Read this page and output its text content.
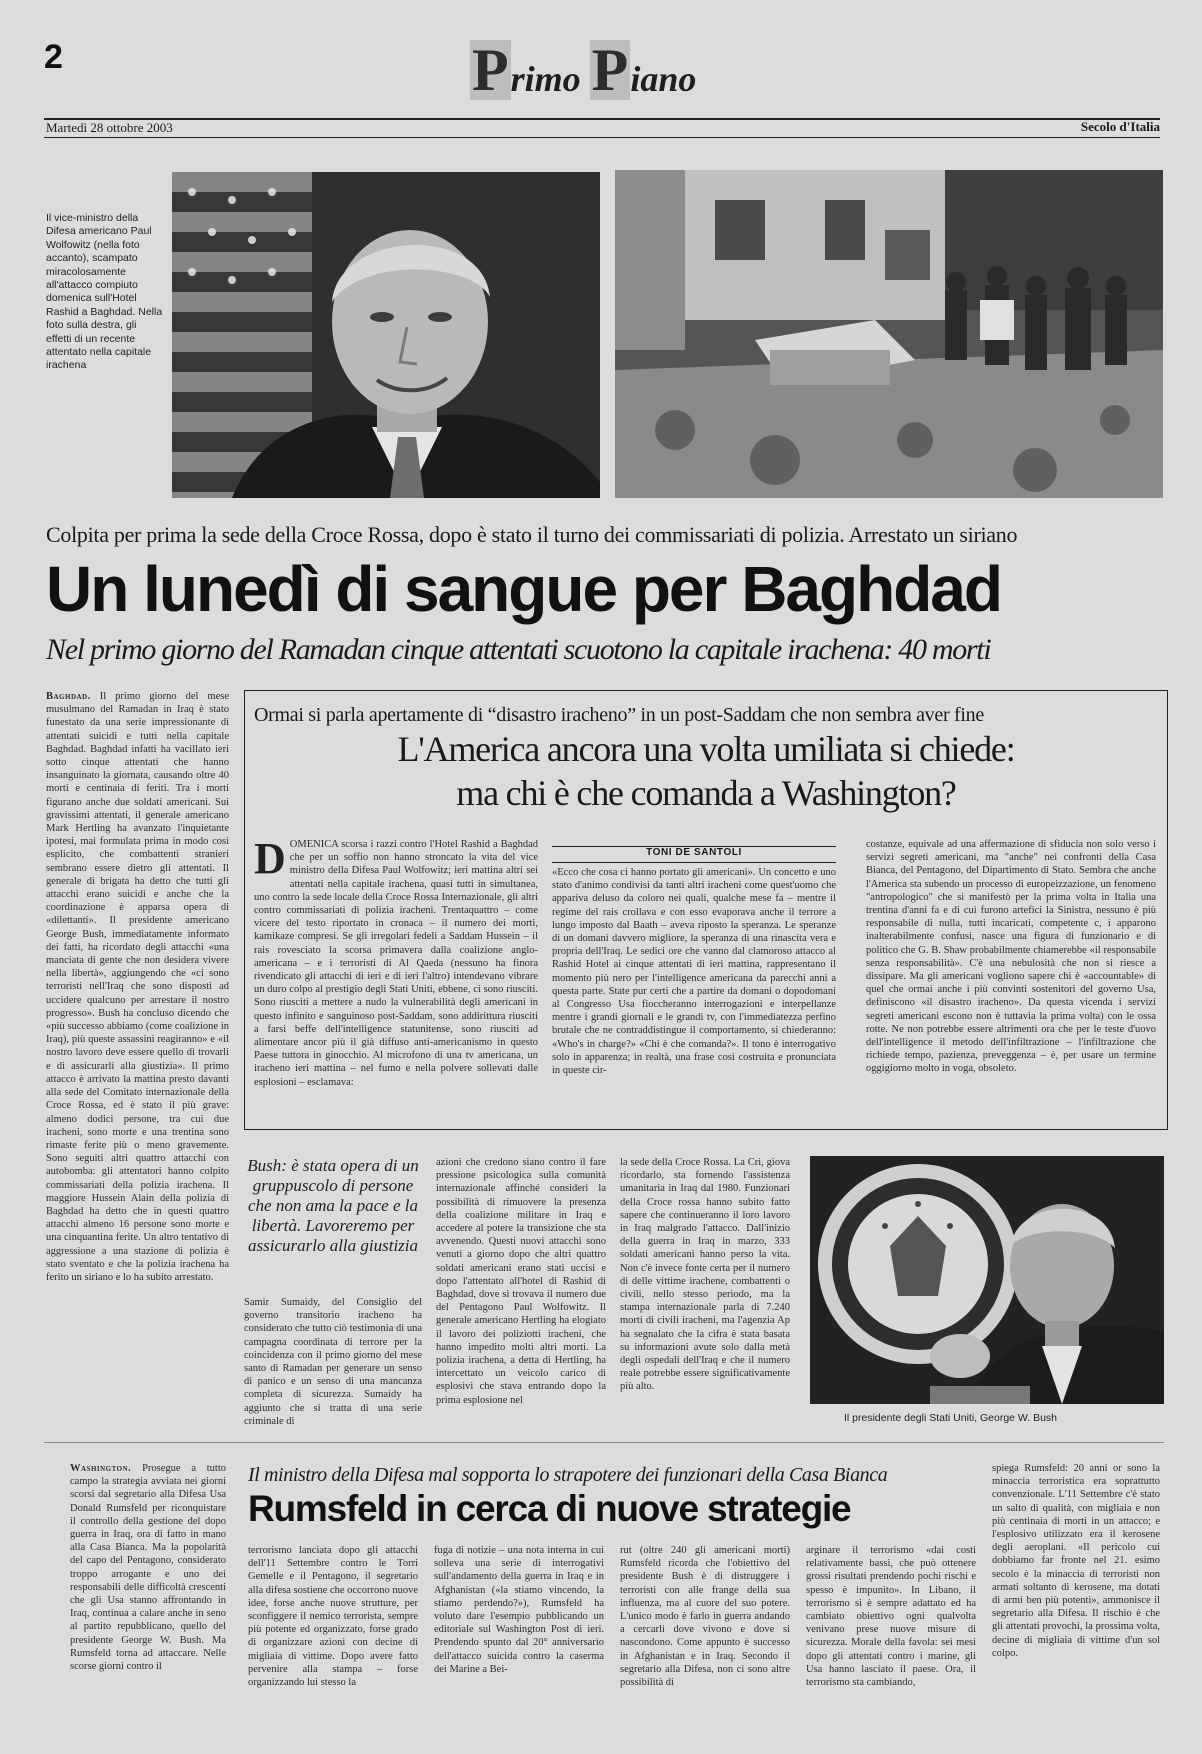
2	Primo Piano
Martedì 28 ottobre 2003	Secolo d'Italia
Il vice-ministro della Difesa americano Paul Wolfowitz (nella foto accanto), scampato miracolosamente all'attacco compiuto domenica sull'Hotel Rashid a Baghdad. Nella foto sulla destra, gli effetti di un recente attentato nella capitale irachena
Colpita per prima la sede della Croce Rossa, dopo è stato il turno dei commissariati di polizia. Arrestato un siriano
Un lunedì di sangue per Baghdad
Nel primo giorno del Ramadan cinque attentati scuotono la capitale irachena: 40 morti
Baghdad. Il primo giorno del mese musulmano del Ramadan in Iraq è stato funestato da una serie impressionante di attentati suicidi e tutti nella capitale Baghdad. Baghdad infatti ha vacillato ieri sotto cinque attentati che hanno insanguinato la giornata, causando oltre 40 morti e centinaia di feriti. Tra i morti figurano anche due soldati americani. Sui gravissimi attentati, il generale americano Mark Hertling ha avanzato l'inquietante ipotesi, mai formulata prima in modo così esplicito, che combattenti stranieri sembrano essere dietro gli attentati. Il generale di brigata ha detto che tutti gli attacchi erano suicidi e anche che la coordinazione è apparsa opera di «dilettanti». Il presidente americano George Bush, immediatamente informato dei fatti, ha ricordato degli attacchi «una manciata di gente che non desidera vivere nella libertà», aggiungendo che «ci sono terroristi nell'Iraq che sono disposti ad uccidere qualcuno per arrestare il nostro progresso». Bush ha concluso dicendo che «più successo abbiamo (come coalizione in Iraq), più queste assassini reagiranno» e «il nostro lavoro deve essere quello di trovarli e di assicurarli alla giustizia». Il primo attacco è arrivato la mattina presto davanti alla sede del Comitato internazionale della Croce Rossa, ed è stato il più grave: almeno dodici persone, tra cui due iracheni, sono morte e una trentina sono rimaste ferite più o meno gravemente. Sono seguiti altri quattro attacchi con autobomba: gli attentatori hanno colpito commissariati della polizia irachena. Il maggiore Hussein Alain della polizia di Baghdad ha detto che in questi quattro attacchi almeno 16 persone sono morte e una cinquantina ferite. Un altro tentativo di aggressione a una stazione di polizia è stato sventato e che la polizia irachena ha ferito un siriano e lo ha subito arrestato.
Ormai si parla apertamente di “disastro iracheno” in un post-Saddam che non sembra aver fine
L'America ancora una volta umiliata si chiede:
ma chi è che comanda a Washington?
D OMENICA scorsa i razzi contro l'Hotel Rashid a Baghdad che per un soffio non hanno stroncato la vita del vice ministro della Difesa Paul Wolfowitz; ieri mattina altri sei attentati nella capitale irachena, quasi tutti in simultanea, uno contro la sede locale della Croce Rossa Internazionale, gli altri contro commissariati di polizia iracheni. Trentaquattro – come vicere del testo riportato in cronaca – il numero dei morti, kamikaze compresi. Se gli irregolari fedeli a Saddam Hussein – il rais rovesciato la scorsa primavera dalla coalizione anglo-americana – e i terroristi di Al Qaeda (nessuno ha finora rivendicato gli attacchi di ieri e di ieri l'altro) intendevano vibrare un duro colpo al prestigio degli Stati Uniti, ebbene, ci sono riusciti. Sono riusciti a mettere a nudo la vulnerabilità degli americani in questo infinito e sanguinoso post-Saddam, sono addirittura riusciti a farsi beffe dell'intelligence statunitense, sono riusciti ad alimentare ancor più il già diffuso anti-americanismo in questo Paese tuttora in ginocchio. Al microfono di una tv americana, un iracheno ieri mattina – nel fumo e nella polvere sollevati dalle esplosioni – esclamava:
TONI DE SANTOLI
«Ecco che cosa ci hanno portato gli americani». Un concetto e uno stato d'animo condivisi da tanti altri iracheni come quest'uomo che appariva deluso da coloro nei quali, qualche mese fa – mentre il regime del rais crollava e con esso evaporava anche il terrore a lungo imposto dal Baath – aveva riposto la speranza. Le speranze di un domani davvero migliore, la speranza di una rinascita vera e propria dell'Iraq. Le sedici ore che vanno dal clamoroso attacco al Rashid Hotel ai cinque attentati di ieri mattina, rappresentano il momento più nero per l'intelligence americana da parecchi anni a questa parte. State pur certi che a partire da domani o dopodomani al Congresso Usa fioccheranno interrogazioni e interpellanze mentre i grandi giornali e le grandi tv, con l'immediatezza perfino brutale che ne contraddistingue il comportamento, si chiederanno: «Who's in charge?» «Chi è che comanda?». Il tono è interrogativo solo in apparenza; in realtà, una frase così costruita e pronunciata in queste cir-
costanze, equivale ad una affermazione di sfiducia non solo verso i servizi segreti americani, ma "anche" nei confronti della Casa Bianca, del Pentagono, del Dipartimento di Stato. Sembra che anche l'America sta subendo un processo di europeizzazione, un fenomeno "antropologico" che si manifestò per la prima volta in Italia una trentina d'anni fa e di cui furono artefici la Sinistra, nessuno è più responsabile di nulla, tutti incaricati, competente c, i apparono inalterabilmente confusi, nasce una figura di funzionario e di politico che G. B. Shaw probabilmente chiamerebbe «il responsabile senza responsabilità». C'è una nebulosità che non si riesce a dissipare. Ma gli americani vogliono sapere chi è «accountable» di quel che ormai anche i più convinti sostenitori del governo Usa, definiscono «il disastro iracheno». Da questa vicenda i servizi segreti americani escono non è tuttavia la prima volta) con le ossa rotte. Ne non potrebbe essere altrimenti ora che per le teste d'uovo dell'intelligence il metodo dell'infiltrazione – l'infiltrazione che richiede tempo, pazienza, preveggenza – è, per usare un termine oggigiorno molto in voga, obsoleto.
Bush: è stata opera di un gruppuscolo di persone che non ama la pace e la libertà. Lavoreremo per assicurarlo alla giustizia
Samir Sumaidy, del Consiglio del governo transitorio iracheno ha considerato che tutto ciò testimonia di una campagna coordinata di terrore per la coincidenza con il primo giorno del mese santo di Ramadan per generare un senso di panico e un senso di una mancanza completa di sicurezza. Sumaidy ha aggiunto che si tratta di una serie criminale di
azioni che credono siano contro il fare pressione psicologica sulla comunità internazionale affinché consideri la possibilità di rimuovere la presenza della coalizione militare in Iraq e accedere al potere la transizione che sta avvenendo. Questi nuovi attacchi sono venuti a giorno dopo che altri quattro soldati americani erano stati uccisi e dopo l'attentato all'hotel di Rashid di Baghdad, dove si trovava il numero due del Pentagono Paul Wolfowitz. Il generale americano Hertling ha elogiato il lavoro dei poliziotti iracheni, che hanno impedito molti altri morti. La polizia irachena, a detta di Hertling, ha intercettato un veicolo carico di esplosivi che stava entrando dopo la prima esplosione nel
la sede della Croce Rossa. La Cri, giova ricordarlo, sta fornendo l'assistenza umanitaria in Iraq dal 1980. Funzionari della Croce rossa hanno subito fatto sapere che continueranno il loro lavoro in Iraq malgrado l'attacco. Dall'inizio della guerra in Iraq in marzo, 333 soldati americani hanno perso la vita. Non c'è invece fonte certa per il numero di delle vittime irachene, combattenti o civili, nello stesso periodo, ma la stampa internazionale parla di 7.240 morti di civili iracheni, ma l'agenzia Ap ha segnalato che la cifra è stata basata su informazioni avute solo dalla metà degli ospedali dell'Iraq e che il numero reale potrebbe essere significativamente più alto.
Il presidente degli Stati Uniti, George W. Bush
Washington. Prosegue a tutto campo la strategia avviata nei giorni scorsi dal segretario alla Difesa Usa Donald Rumsfeld per riconquistare il controllo della gestione del dopo guerra in Iraq, ora di fatto in mano alla Casa Bianca. Ma la popolarità del capo del Pentagono, considerato troppo arrogante e uno dei responsabili delle difficoltà crescenti che gli Usa stanno affrontando in Iraq, continua a calare anche in seno al partito repubblicano, quello del presidente George W. Bush. Ma Rumsfeld torna ad attaccare. Nelle scorse giorni contro il
Il ministro della Difesa mal sopporta lo strapotere dei funzionari della Casa Bianca
Rumsfeld in cerca di nuove strategie
terrorismo lanciata dopo gli attacchi dell'11 Settembre contro le Torri Gemelle e il Pentagono, il segretario alla difesa sostiene che occorrono nuove idee, forse anche nuove strutture, per sconfiggere il nemico terrorista, sempre più potente ed organizzato, forse grado di organizzare azioni con decine di migliaia di vittime. Dopo avere fatto pervenire alla stampa – forse organizzando lui stesso la
fuga di notizie – una nota interna in cui solleva una serie di interrogativi sull'andamento della guerra in Iraq e in Afghanistan («la stiamo vincendo, la stiamo perdendo?»), Rumsfeld ha voluto dare l'esempio pubblicando un editoriale sul Washington Post di ieri. Prendendo spunto dal 20° anniversario dell'attacco suicida contro la caserma dei Marine a Bei-
rut (oltre 240 gli americani morti) Rumsfeld ricorda che l'obiettivo del presidente Bush è di distruggere i terroristi con alle frange della sua influenza, ma al cuore del suo potere. L'unico modo è farlo in guerra andando a cercarli dove vivono e dove si nascondono. Come appunto è successo in Afghanistan e in Iraq. Secondo il segretario alla Difesa, non ci sono altre possibilità di
arginare il terrorismo «dai costi relativamente bassi, che può ottenere grossi risultati prendendo pochi rischi e spesso è impunito». In Libano, il terrorismo si è sempre adattato ed ha cambiato obiettivo ogni qualvolta venivano prese nuove misure di sicurezza. Morale della favola: sei mesi dopo gli attentati contro i marine, gli Usa hanno lasciato il paese. Ora, il terrorismo sta cambiando,
spiega Rumsfeld: 20 anni or sono la minaccia terroristica era soprattutto convenzionale. L'11 Settembre c'è stato un salto di qualità, con migliaia e non più centinaia di morti in un attacco; e l'esplosivo utilizzato era il kerosene degli aeroplani. «Il pericolo cui dobbiamo far fronte nel 21. esimo secolo è la minaccia di terroristi non armati soltanto di kerosene, ma dotati di armi ben più potenti», ammonisce il segretario alla Difesa. Il rischio è che gli attentati provochi, la prossima volta, decine di migliaia di vittime d'un sol colpo.
